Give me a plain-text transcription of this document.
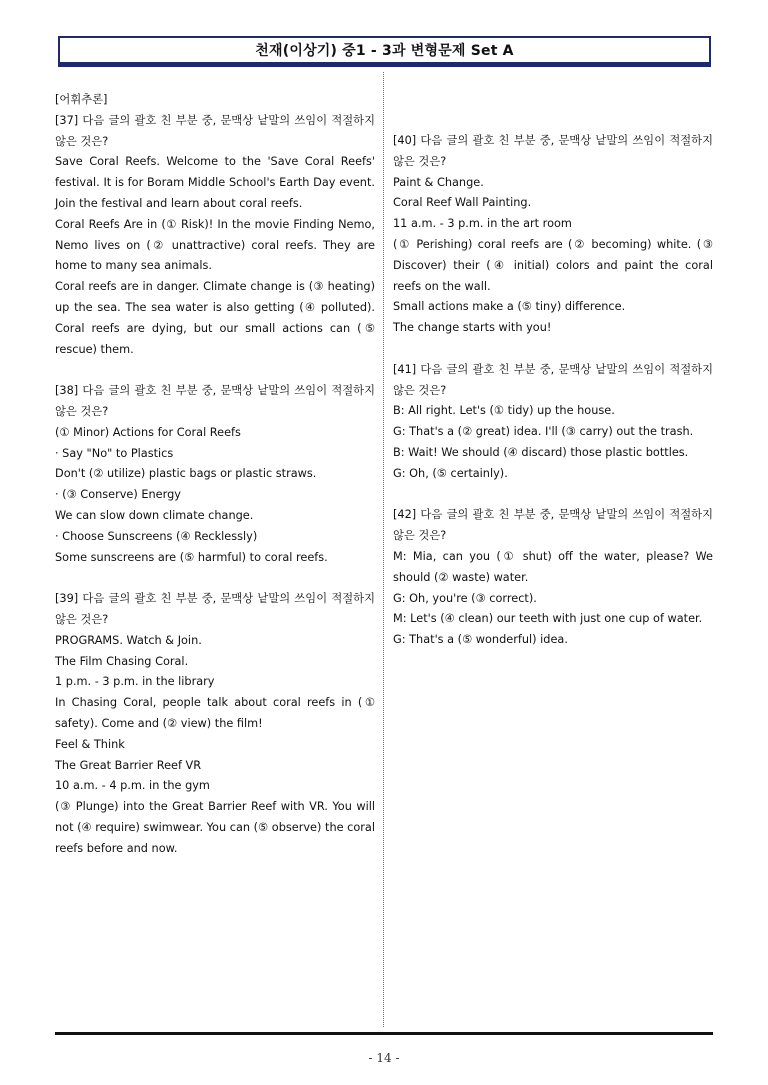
천재(이상기) 중1 - 3과 변형문제 Set A

[어휘추론]

[37] 다음 글의 괄호 친 부분 중, 문맥상 낱말의 쓰임이 적절하지 않은 것은?

Save Coral Reefs. Welcome to the 'Save Coral Reefs' festival. It is for Boram Middle School's Earth Day event. Join the festival and learn about coral reefs.

Coral Reefs Are in (① Risk)! In the movie Finding Nemo, Nemo lives on (② unattractive) coral reefs. They are home to many sea animals.

Coral reefs are in danger. Climate change is (③ heating) up the sea. The sea water is also getting (④ polluted). Coral reefs are dying, but our small actions can (⑤ rescue) them.

[38] 다음 글의 괄호 친 부분 중, 문맥상 낱말의 쓰임이 적절하지 않은 것은?

(① Minor) Actions for Coral Reefs

· Say "No" to Plastics

Don't (② utilize) plastic bags or plastic straws.

· (③ Conserve) Energy

We can slow down climate change.

· Choose Sunscreens (④ Recklessly)

Some sunscreens are (⑤ harmful) to coral reefs.

[39] 다음 글의 괄호 친 부분 중, 문맥상 낱말의 쓰임이 적절하지 않은 것은?

PROGRAMS. Watch & Join.

The Film Chasing Coral.

1 p.m. - 3 p.m. in the library

In Chasing Coral, people talk about coral reefs in (① safety). Come and (② view) the film!

Feel & Think

The Great Barrier Reef VR

10 a.m. - 4 p.m. in the gym

(③ Plunge) into the Great Barrier Reef with VR. You will not (④ require) swimwear. You can (⑤ observe) the coral reefs before and now.

[40] 다음 글의 괄호 친 부분 중, 문맥상 낱말의 쓰임이 적절하지 않은 것은?

Paint & Change.

Coral Reef Wall Painting.

11 a.m. - 3 p.m. in the art room

(① Perishing) coral reefs are (② becoming) white. (③ Discover) their (④ initial) colors and paint the coral reefs on the wall.

Small actions make a (⑤ tiny) difference.

The change starts with you!

[41] 다음 글의 괄호 친 부분 중, 문맥상 낱말의 쓰임이 적절하지 않은 것은?

B: All right. Let's (① tidy) up the house.

G: That's a (② great) idea. I'll (③ carry) out the trash.

B: Wait! We should (④ discard) those plastic bottles.

G: Oh, (⑤ certainly).

[42] 다음 글의 괄호 친 부분 중, 문맥상 낱말의 쓰임이 적절하지 않은 것은?

M: Mia, can you (① shut) off the water, please? We should (② waste) water.

G: Oh, you're (③ correct).

M: Let's (④ clean) our teeth with just one cup of water.

G: That's a (⑤ wonderful) idea.

- 14 -
